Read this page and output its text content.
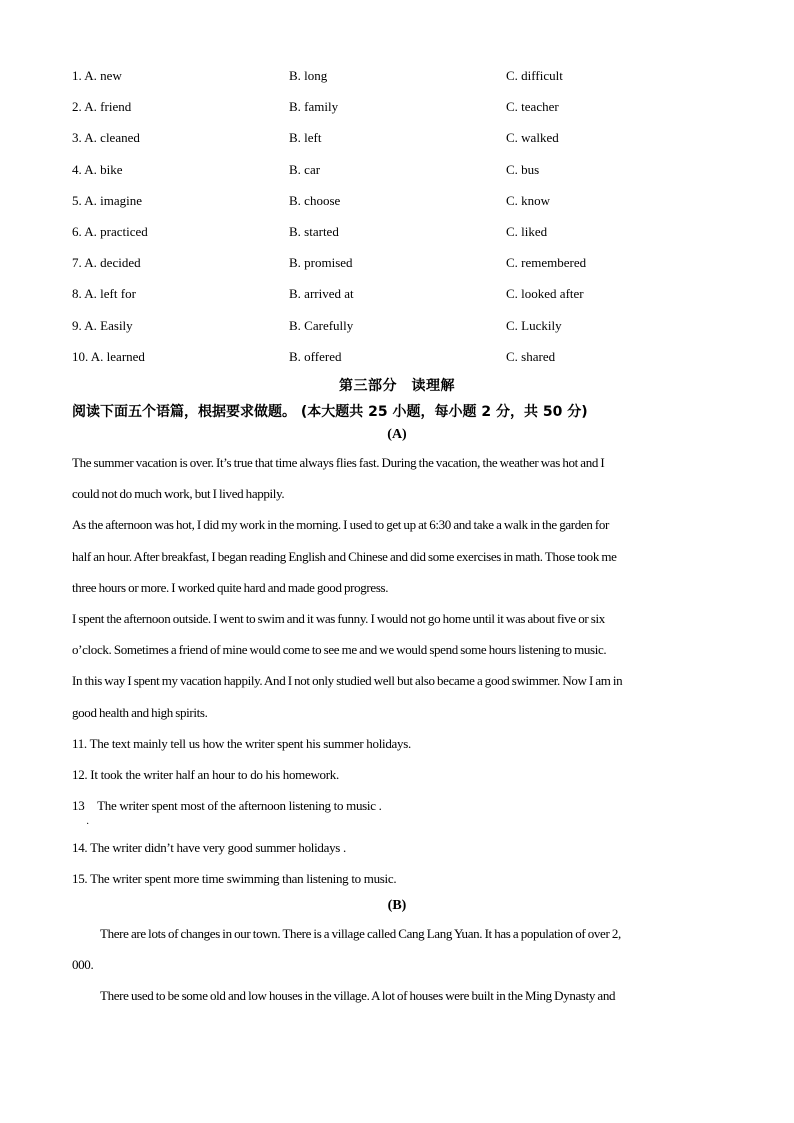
1. A. new	B. long	C. difficult
2. A. friend	B. family	C. teacher
3. A. cleaned	B. left	C. walked
4. A. bike	B. car	C. bus
5. A. imagine	B. choose	C. know
6. A. practiced	B. started	C. liked
7. A. decided	B. promised	C. remembered
8. A. left for	B. arrived at	C. looked after
9. A. Easily	B. Carefully	C. Luckily
10. A. learned	B. offered	C. shared
第三部分　读理解
阅读下面五个语篇，根据要求做题。 (本大题共 25 小题，每小题 2 分，共 50 分)
(A)
The summer vacation is over. It’s true that time always flies fast. During the vacation, the weather was hot and I
could not do much work, but I lived happily.
As the afternoon was hot, I did my work in the morning. I used to get up at 6:30 and take a walk in the garden for
half an hour. After breakfast, I began reading English and Chinese and did some exercises in math. Those took me
three hours or more. I worked quite hard and made good progress.
I spent the afternoon outside. I went to swim and it was funny. I would not go home until it was about five or six
o’clock. Sometimes a friend of mine would come to see me and we would spend some hours listening to music.
In this way I spent my vacation happily. And I not only studied well but also became a good swimmer. Now I am in
good health and high spirits.
11. The text mainly tell us how the writer spent his summer holidays.
12. It took the writer half an hour to do his homework.
13　The writer spent most of the afternoon listening to music .
·
14. The writer didn’t have very good summer holidays .
15. The writer spent more time swimming than listening to music.
(B)
There are lots of changes in our town. There is a village called Cang Lang Yuan. It has a population of over 2,
000.
There used to be some old and low houses in the village. A lot of houses were built in the Ming Dynasty and
